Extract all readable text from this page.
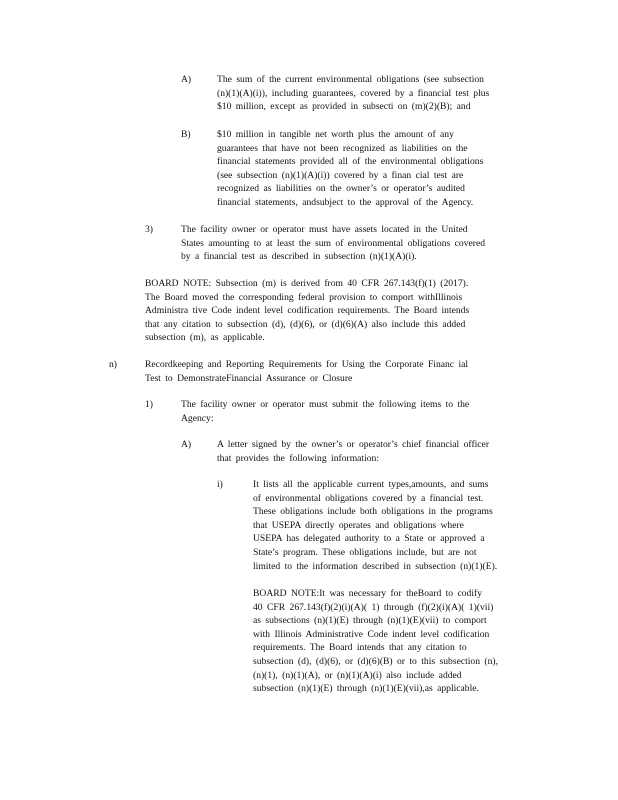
A)	The sum of the current environmental obligations (see subsection
(n)(1)(A)(i)), including guarantees, covered by a financial test plus
$10 million, except as provided in subsecti on (m)(2)(B); and

B)	$10 million in tangible net worth plus the amount of any
guarantees that have not been recognized as liabilities on the
financial statements provided all of the environmental obligations
(see subsection (n)(1)(A)(i)) covered by a finan cial test are
recognized as liabilities on the owner’s or operator’s audited
financial statements, andsubject to the approval of the Agency.

3)	The facility owner or operator must have assets located in the United
States amounting to at least the sum of environmental obligations covered
by a financial test as described in subsection (n)(1)(A)(i).

BOARD NOTE: Subsection (m) is derived from 40 CFR 267.143(f)(1) (2017).
The Board moved the corresponding federal provision to comport withIllinois
Administra tive Code indent level codification requirements. The Board intends
that any citation to subsection (d), (d)(6), or (d)(6)(A) also include this added
subsection (m), as applicable.

n)	Recordkeeping and Reporting Requirements for Using the Corporate Financ ial
Test to DemonstrateFinancial Assurance or Closure

1)	The facility owner or operator must submit the following items to the
Agency:

A)	A letter signed by the owner’s or operator’s chief financial officer
that provides the following information:

i)	It lists all the applicable current types,amounts, and sums
of environmental obligations covered by a financial test.
These obligations include both obligations in the programs
that USEPA directly operates and obligations where
USEPA has delegated authority to a State or approved a
State’s program. These obligations include, but are not
limited to the information described in subsection (n)(1)(E).

BOARD NOTE:It was necessary for theBoard to codify
40 CFR 267.143(f)(2)(i)(A)( 1) through (f)(2)(i)(A)( 1)(vii)
as subsections (n)(1)(E) through (n)(1)(E)(vii) to comport
with Illinois Administrative Code indent level codification
requirements. The Board intends that any citation to
subsection (d), (d)(6), or (d)(6)(B) or to this subsection (n),
(n)(1), (n)(1)(A), or (n)(1)(A)(i) also include added
subsection (n)(1)(E) through (n)(1)(E)(vii),as applicable.
